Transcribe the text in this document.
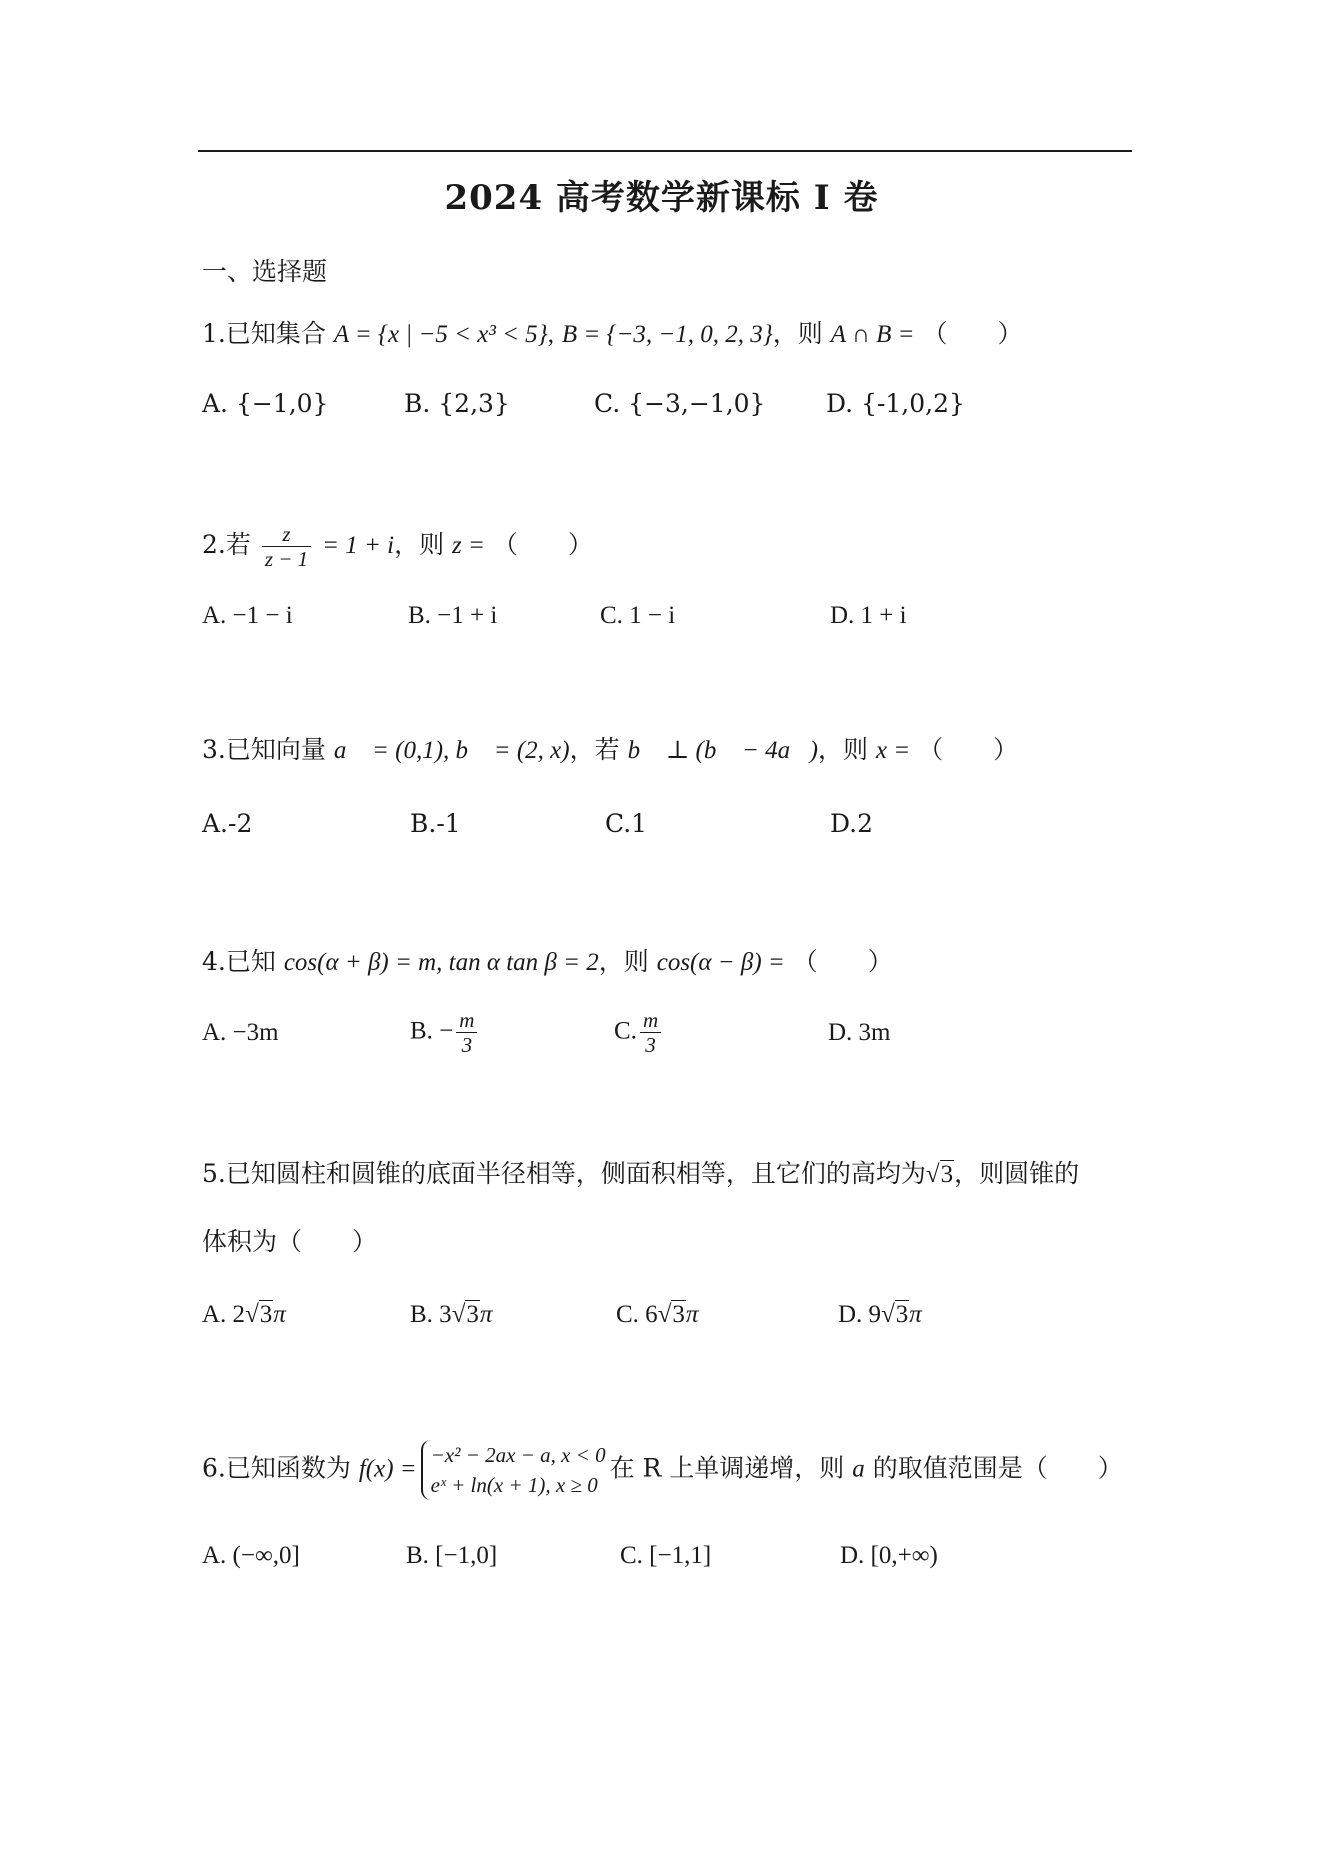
2024 高考数学新课标 I 卷
一、选择题
1.已知集合 A = {x | −5 < x³ < 5}, B = {−3, −1, 0, 2, 3}，则 A ∩ B = （　　）
A. {−1,0}	B. {2,3}	C. {−3,−1,0} D. {-1,0,2}
2.若 $\frac{z}{z - 1} = 1 + i$，则 z = （　　）
A. −1 − i	B. −1 + i	C. 1 − i	D. 1 + i
3.已知向量 a⃗ = (0,1), b⃗ = (2, x)，若 b⃗ ⊥ (b⃗ − 4a⃗)，则 x = （　　）
A.-2	B.-1	C.1	D.2
4.已知 cos(α + β) = m, tan α tan β = 2，则 cos(α − β) = （　　）
A. −3m	B. − $\frac{m}{3}$	C. $\frac{m}{3}$	D. 3m
5.已知圆柱和圆锥的底面半径相等，侧面积相等，且它们的高均为√3，则圆锥的
体积为（　　）
A. 2√3π	B. 3√3π	C. 6√3π	D. 9√3π
6.已知函数为 f(x) =
−x² − 2ax − a, x < 0
eˣ + ln(x + 1), x ≥ 0
在 R 上单调递增，则 a 的取值范围是（　　）
A. (−∞,0]	B. [−1,0]	C. [−1,1]	D. [0,+∞)
